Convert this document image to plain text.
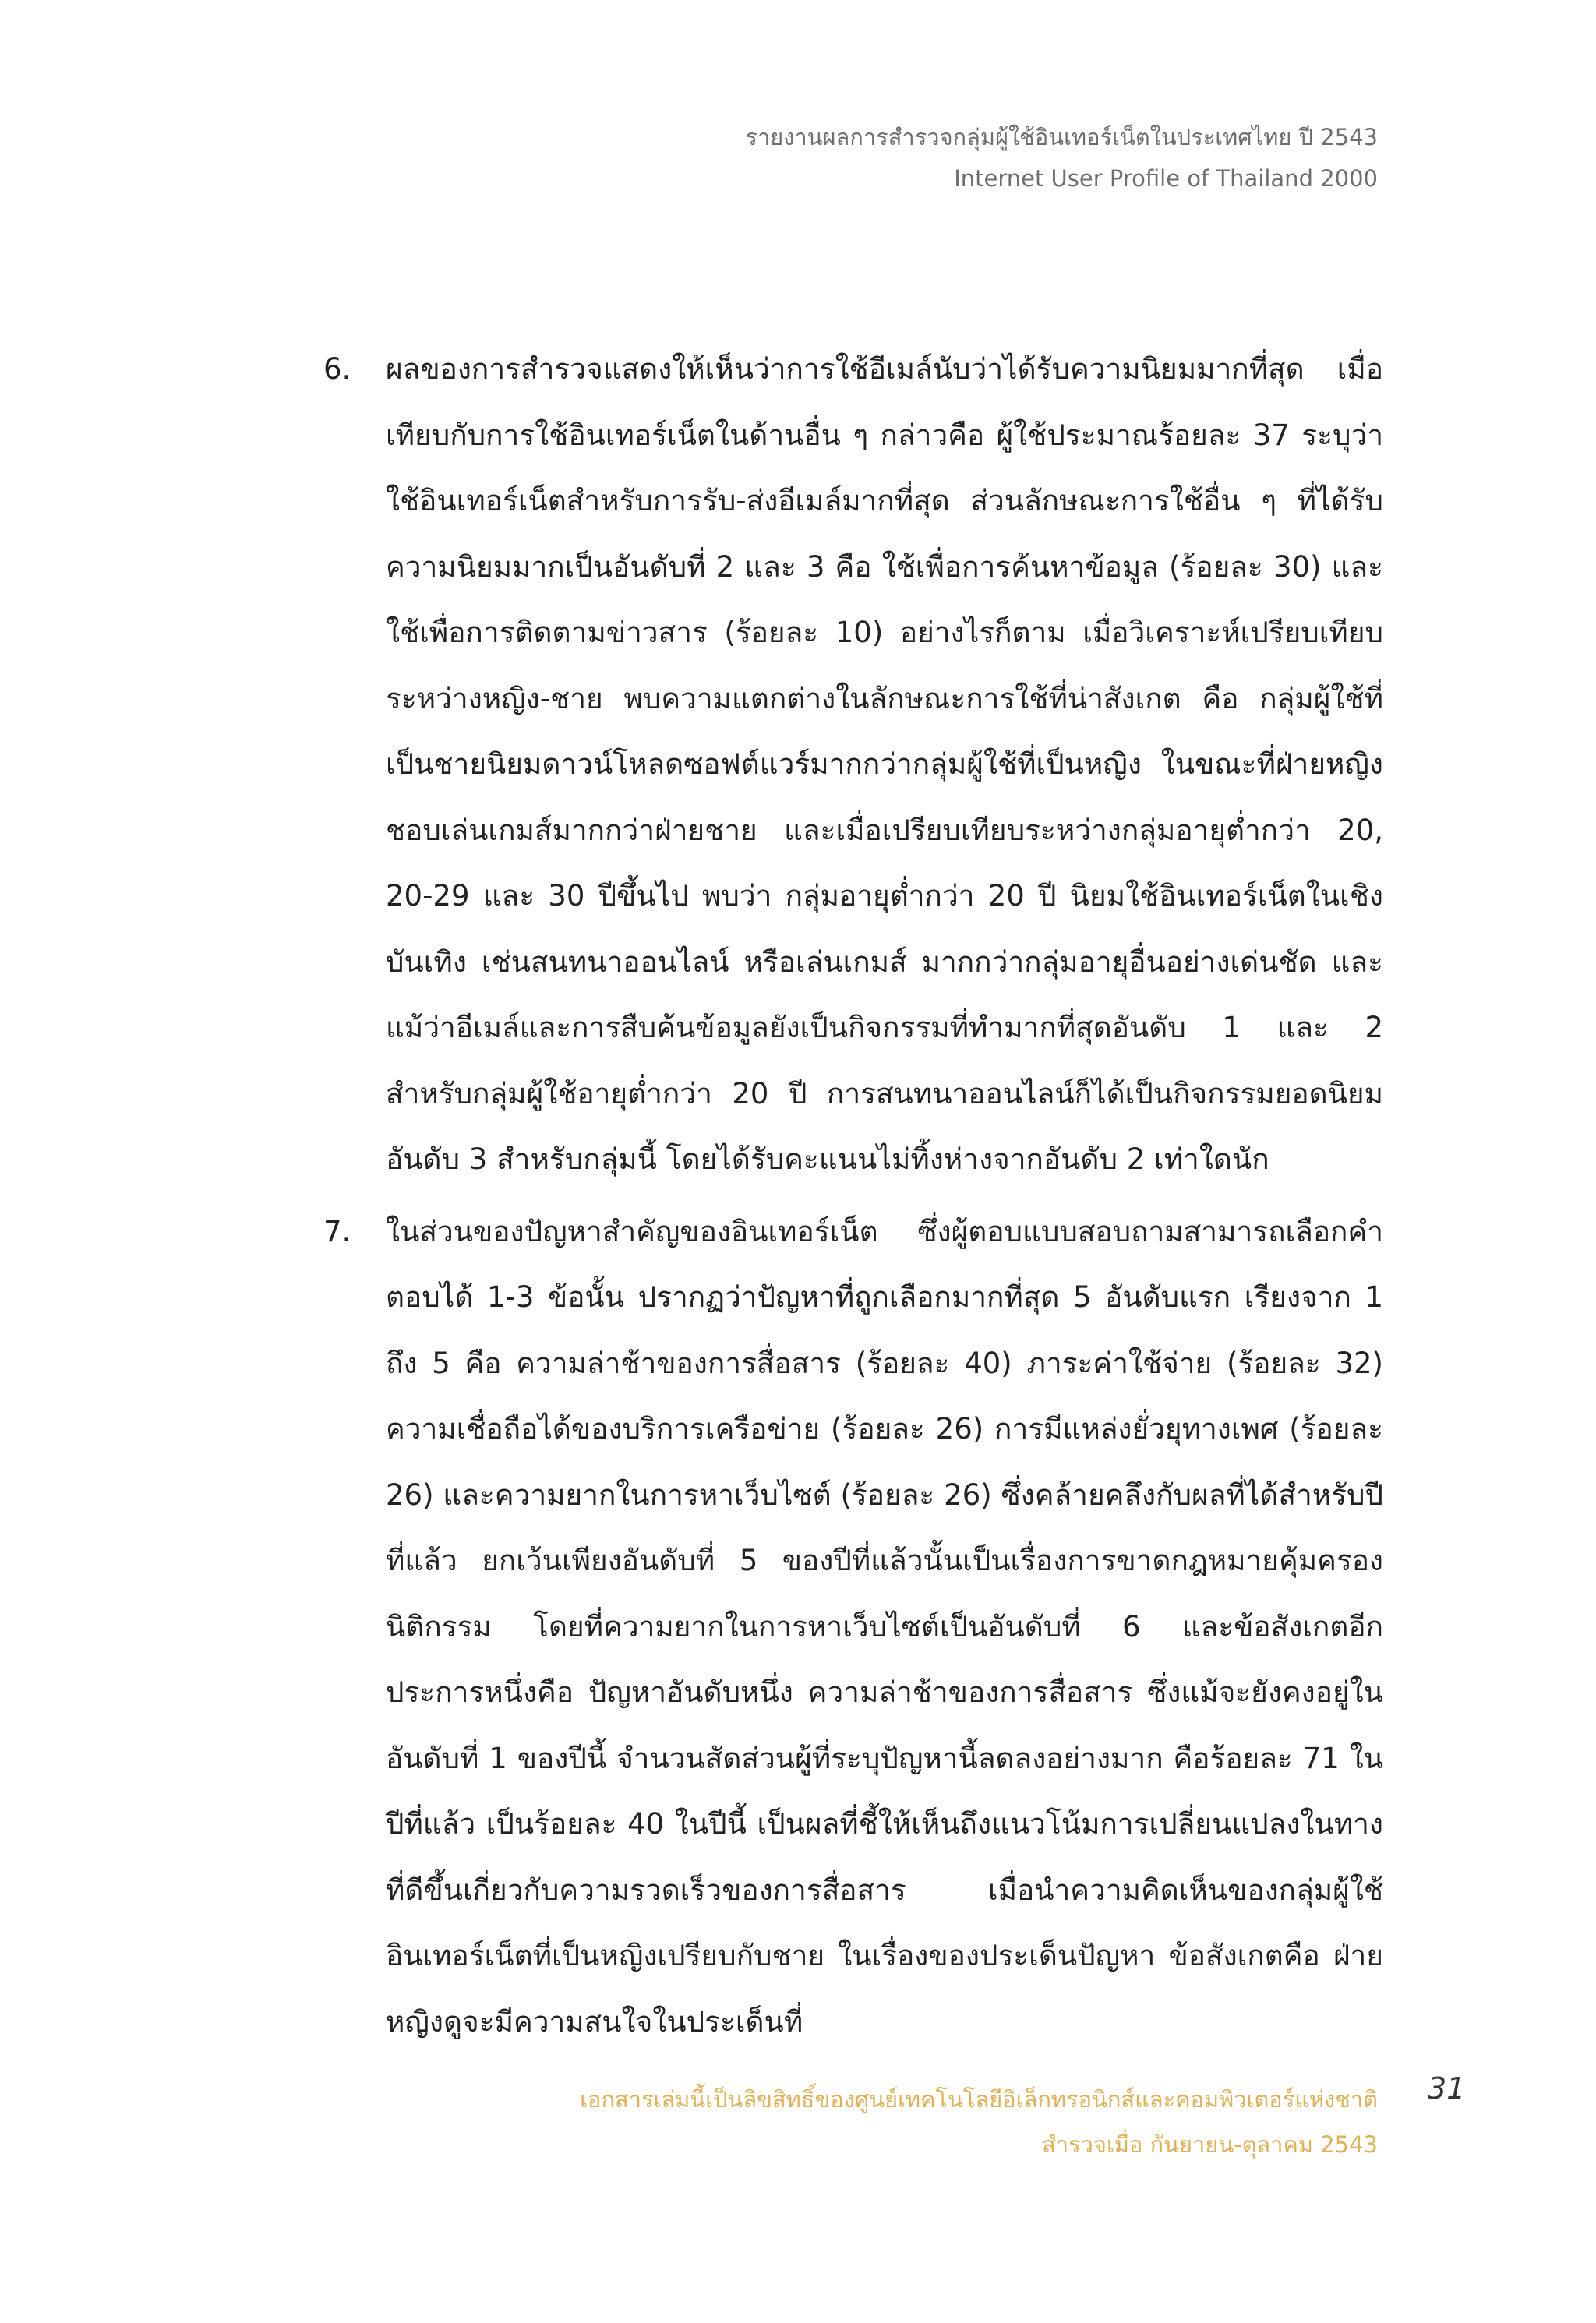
รายงานผลการสำรวจกลุ่มผู้ใช้อินเทอร์เน็ตในประเทศไทย ปี 2543
Internet User Profile of Thailand 2000
6.	ผลของการสำรวจแสดงให้เห็นว่าการใช้อีเมล์นับว่าได้รับความนิยมมากที่สุด เมื่อเทียบกับการใช้อินเทอร์เน็ตในด้านอื่น ๆ กล่าวคือ ผู้ใช้ประมาณร้อยละ 37 ระบุว่าใช้อินเทอร์เน็ตสำหรับการรับ-ส่งอีเมล์มากที่สุด ส่วนลักษณะการใช้อื่น ๆ ที่ได้รับความนิยมมากเป็นอันดับที่ 2 และ 3 คือ ใช้เพื่อการค้นหาข้อมูล (ร้อยละ 30) และใช้เพื่อการติดตามข่าวสาร (ร้อยละ 10) อย่างไรก็ตาม เมื่อวิเคราะห์เปรียบเทียบระหว่างหญิง-ชาย พบความแตกต่างในลักษณะการใช้ที่น่าสังเกต คือ กลุ่มผู้ใช้ที่เป็นชายนิยมดาวน์โหลดซอฟต์แวร์มากกว่ากลุ่มผู้ใช้ที่เป็นหญิง ในขณะที่ฝ่ายหญิงชอบเล่นเกมส์มากกว่าฝ่ายชาย และเมื่อเปรียบเทียบระหว่างกลุ่มอายุต่ำกว่า 20, 20-29 และ 30 ปีขึ้นไป พบว่า กลุ่มอายุต่ำกว่า 20 ปี นิยมใช้อินเทอร์เน็ตในเชิงบันเทิง เช่นสนทนาออนไลน์ หรือเล่นเกมส์ มากกว่ากลุ่มอายุอื่นอย่างเด่นชัด และแม้ว่าอีเมล์และการสืบค้นข้อมูลยังเป็นกิจกรรมที่ทำมากที่สุดอันดับ 1 และ 2 สำหรับกลุ่มผู้ใช้อายุต่ำกว่า 20 ปี การสนทนาออนไลน์ก็ได้เป็นกิจกรรมยอดนิยมอันดับ 3 สำหรับกลุ่มนี้ โดยได้รับคะแนนไม่ทิ้งห่างจากอันดับ 2 เท่าใดนัก
7.	ในส่วนของปัญหาสำคัญของอินเทอร์เน็ต ซึ่งผู้ตอบแบบสอบถามสามารถเลือกคำตอบได้ 1-3 ข้อนั้น ปรากฏว่าปัญหาที่ถูกเลือกมากที่สุด 5 อันดับแรก เรียงจาก 1 ถึง 5 คือ ความล่าช้าของการสื่อสาร (ร้อยละ 40) ภาระค่าใช้จ่าย (ร้อยละ 32) ความเชื่อถือได้ของบริการเครือข่าย (ร้อยละ 26) การมีแหล่งยั่วยุทางเพศ (ร้อยละ 26) และความยากในการหาเว็บไซต์ (ร้อยละ 26) ซึ่งคล้ายคลึงกับผลที่ได้สำหรับปีที่แล้ว ยกเว้นเพียงอันดับที่ 5 ของปีที่แล้วนั้นเป็นเรื่องการขาดกฎหมายคุ้มครองนิติกรรม โดยที่ความยากในการหาเว็บไซต์เป็นอันดับที่ 6 และข้อสังเกตอีกประการหนึ่งคือ ปัญหาอันดับหนึ่ง ความล่าช้าของการสื่อสาร ซึ่งแม้จะยังคงอยู่ในอันดับที่ 1 ของปีนี้ จำนวนสัดส่วนผู้ที่ระบุปัญหานี้ลดลงอย่างมาก คือร้อยละ 71 ในปีที่แล้ว เป็นร้อยละ 40 ในปีนี้ เป็นผลที่ชี้ให้เห็นถึงแนวโน้มการเปลี่ยนแปลงในทางที่ดีขึ้นเกี่ยวกับความรวดเร็วของการสื่อสาร เมื่อนำความคิดเห็นของกลุ่มผู้ใช้อินเทอร์เน็ตที่เป็นหญิงเปรียบกับชาย ในเรื่องของประเด็นปัญหา ข้อสังเกตคือ ฝ่ายหญิงดูจะมีความสนใจในประเด็นที่
เอกสารเล่มนี้เป็นลิขสิทธิ์ของศูนย์เทคโนโลยีอิเล็กทรอนิกส์และคอมพิวเตอร์แห่งชาติ
สำรวจเมื่อ กันยายน-ตุลาคม 2543
31
